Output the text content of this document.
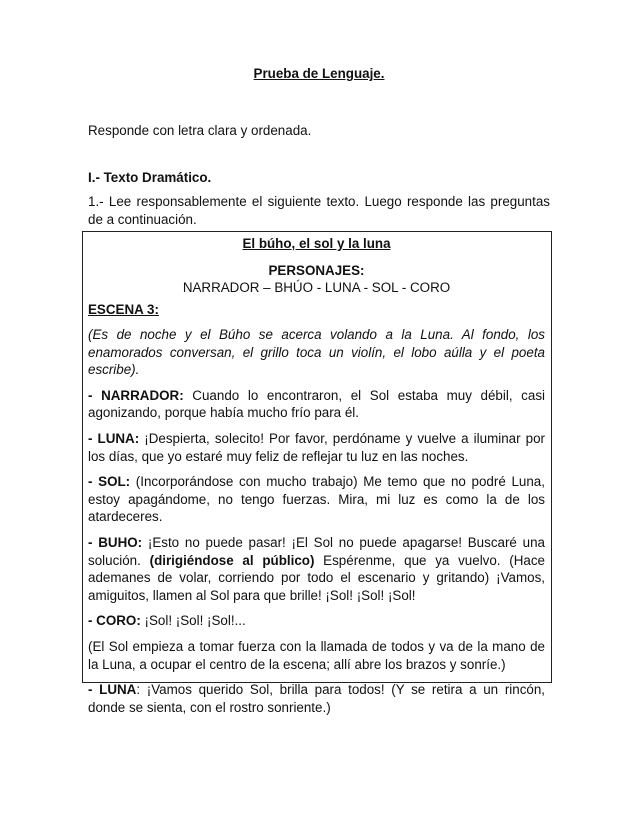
Prueba de Lenguaje.
Responde con letra clara y ordenada.
I.- Texto Dramático.
1.- Lee responsablemente el siguiente texto. Luego responde las preguntas de a continuación.
El búho, el sol y la luna
PERSONAJES:
NARRADOR – BHÚO - LUNA - SOL - CORO
ESCENA 3:

(Es de noche y el Búho se acerca volando a la Luna. Al fondo, los enamorados conversan, el grillo toca un violín, el lobo aúlla y el poeta escribe).

- NARRADOR: Cuando lo encontraron, el Sol estaba muy débil, casi agonizando, porque había mucho frío para él.

- LUNA: ¡Despierta, solecito! Por favor, perdóname y vuelve a iluminar por los días, que yo estaré muy feliz de reflejar tu luz en las noches.

- SOL: (Incorporándose con mucho trabajo) Me temo que no podré Luna, estoy apagándome, no tengo fuerzas. Mira, mi luz es como la de los atardeceres.

- BUHO: ¡Esto no puede pasar! ¡El Sol no puede apagarse! Buscaré una solución. (dirigiéndose al público) Espérenme, que ya vuelvo. (Hace ademanes de volar, corriendo por todo el escenario y gritando) ¡Vamos, amiguitos, llamen al Sol para que brille! ¡Sol! ¡Sol! ¡Sol!

- CORO: ¡Sol! ¡Sol! ¡Sol!...

(El Sol empieza a tomar fuerza con la llamada de todos y va de la mano de la Luna, a ocupar el centro de la escena; allí abre los brazos y sonríe.)

- LUNA: ¡Vamos querido Sol, brilla para todos! (Y se retira a un rincón, donde se sienta, con el rostro sonriente.)
